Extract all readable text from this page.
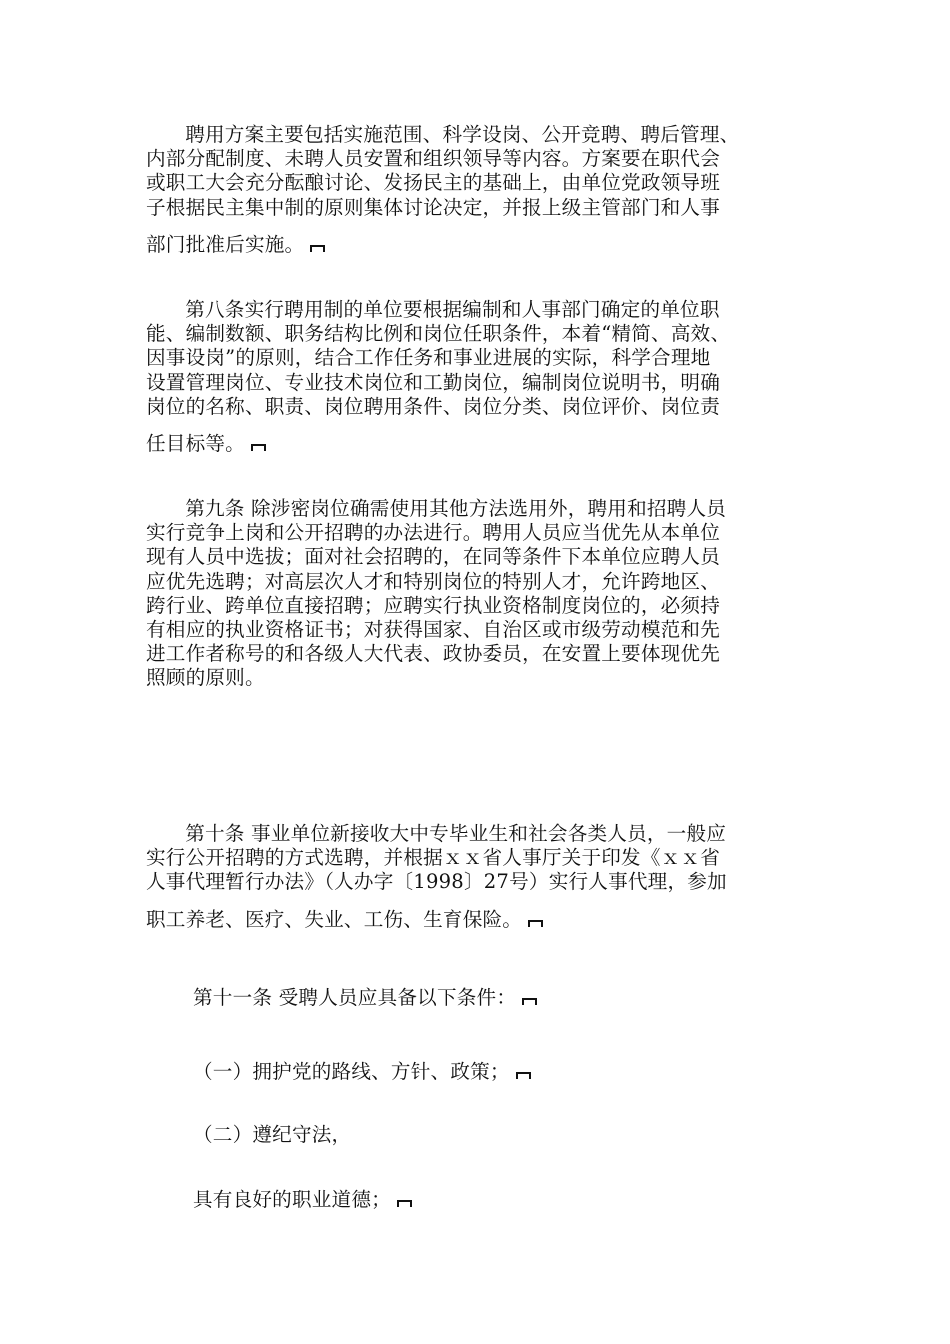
聘用方案主要包括实施范围、科学设岗、公开竞聘、聘后管理、
内部分配制度、未聘人员安置和组织领导等内容。方案要在职代会
或职工大会充分酝酿讨论、发扬民主的基础上，由单位党政领导班
子根据民主集中制的原则集体讨论决定，并报上级主管部门和人事
部门批准后实施。
第八条实行聘用制的单位要根据编制和人事部门确定的单位职
能、编制数额、职务结构比例和岗位任职条件，本着“精简、高效、
因事设岗”的原则，结合工作任务和事业进展的实际，科学合理地
设置管理岗位、专业技术岗位和工勤岗位，编制岗位说明书，明确
岗位的名称、职责、岗位聘用条件、岗位分类、岗位评价、岗位责
任目标等。
第九条 除涉密岗位确需使用其他方法选用外，聘用和招聘人员
实行竞争上岗和公开招聘的办法进行。聘用人员应当优先从本单位
现有人员中选拔；面对社会招聘的，在同等条件下本单位应聘人员
应优先选聘；对高层次人才和特别岗位的特别人才，允许跨地区、
跨行业、跨单位直接招聘；应聘实行执业资格制度岗位的，必须持
有相应的执业资格证书；对获得国家、自治区或市级劳动模范和先
进工作者称号的和各级人大代表、政协委员，在安置上要体现优先
照顾的原则。
第十条 事业单位新接收大中专毕业生和社会各类人员，一般应
实行公开招聘的方式选聘，并根据ｘｘ省人事厅关于印发《ｘｘ省
人事代理暂行办法》（人办字〔1998〕27号）实行人事代理，参加
职工养老、医疗、失业、工伤、生育保险。
第十一条 受聘人员应具备以下条件：
（一）拥护党的路线、方针、政策；
（二）遵纪守法，
具有良好的职业道德；
